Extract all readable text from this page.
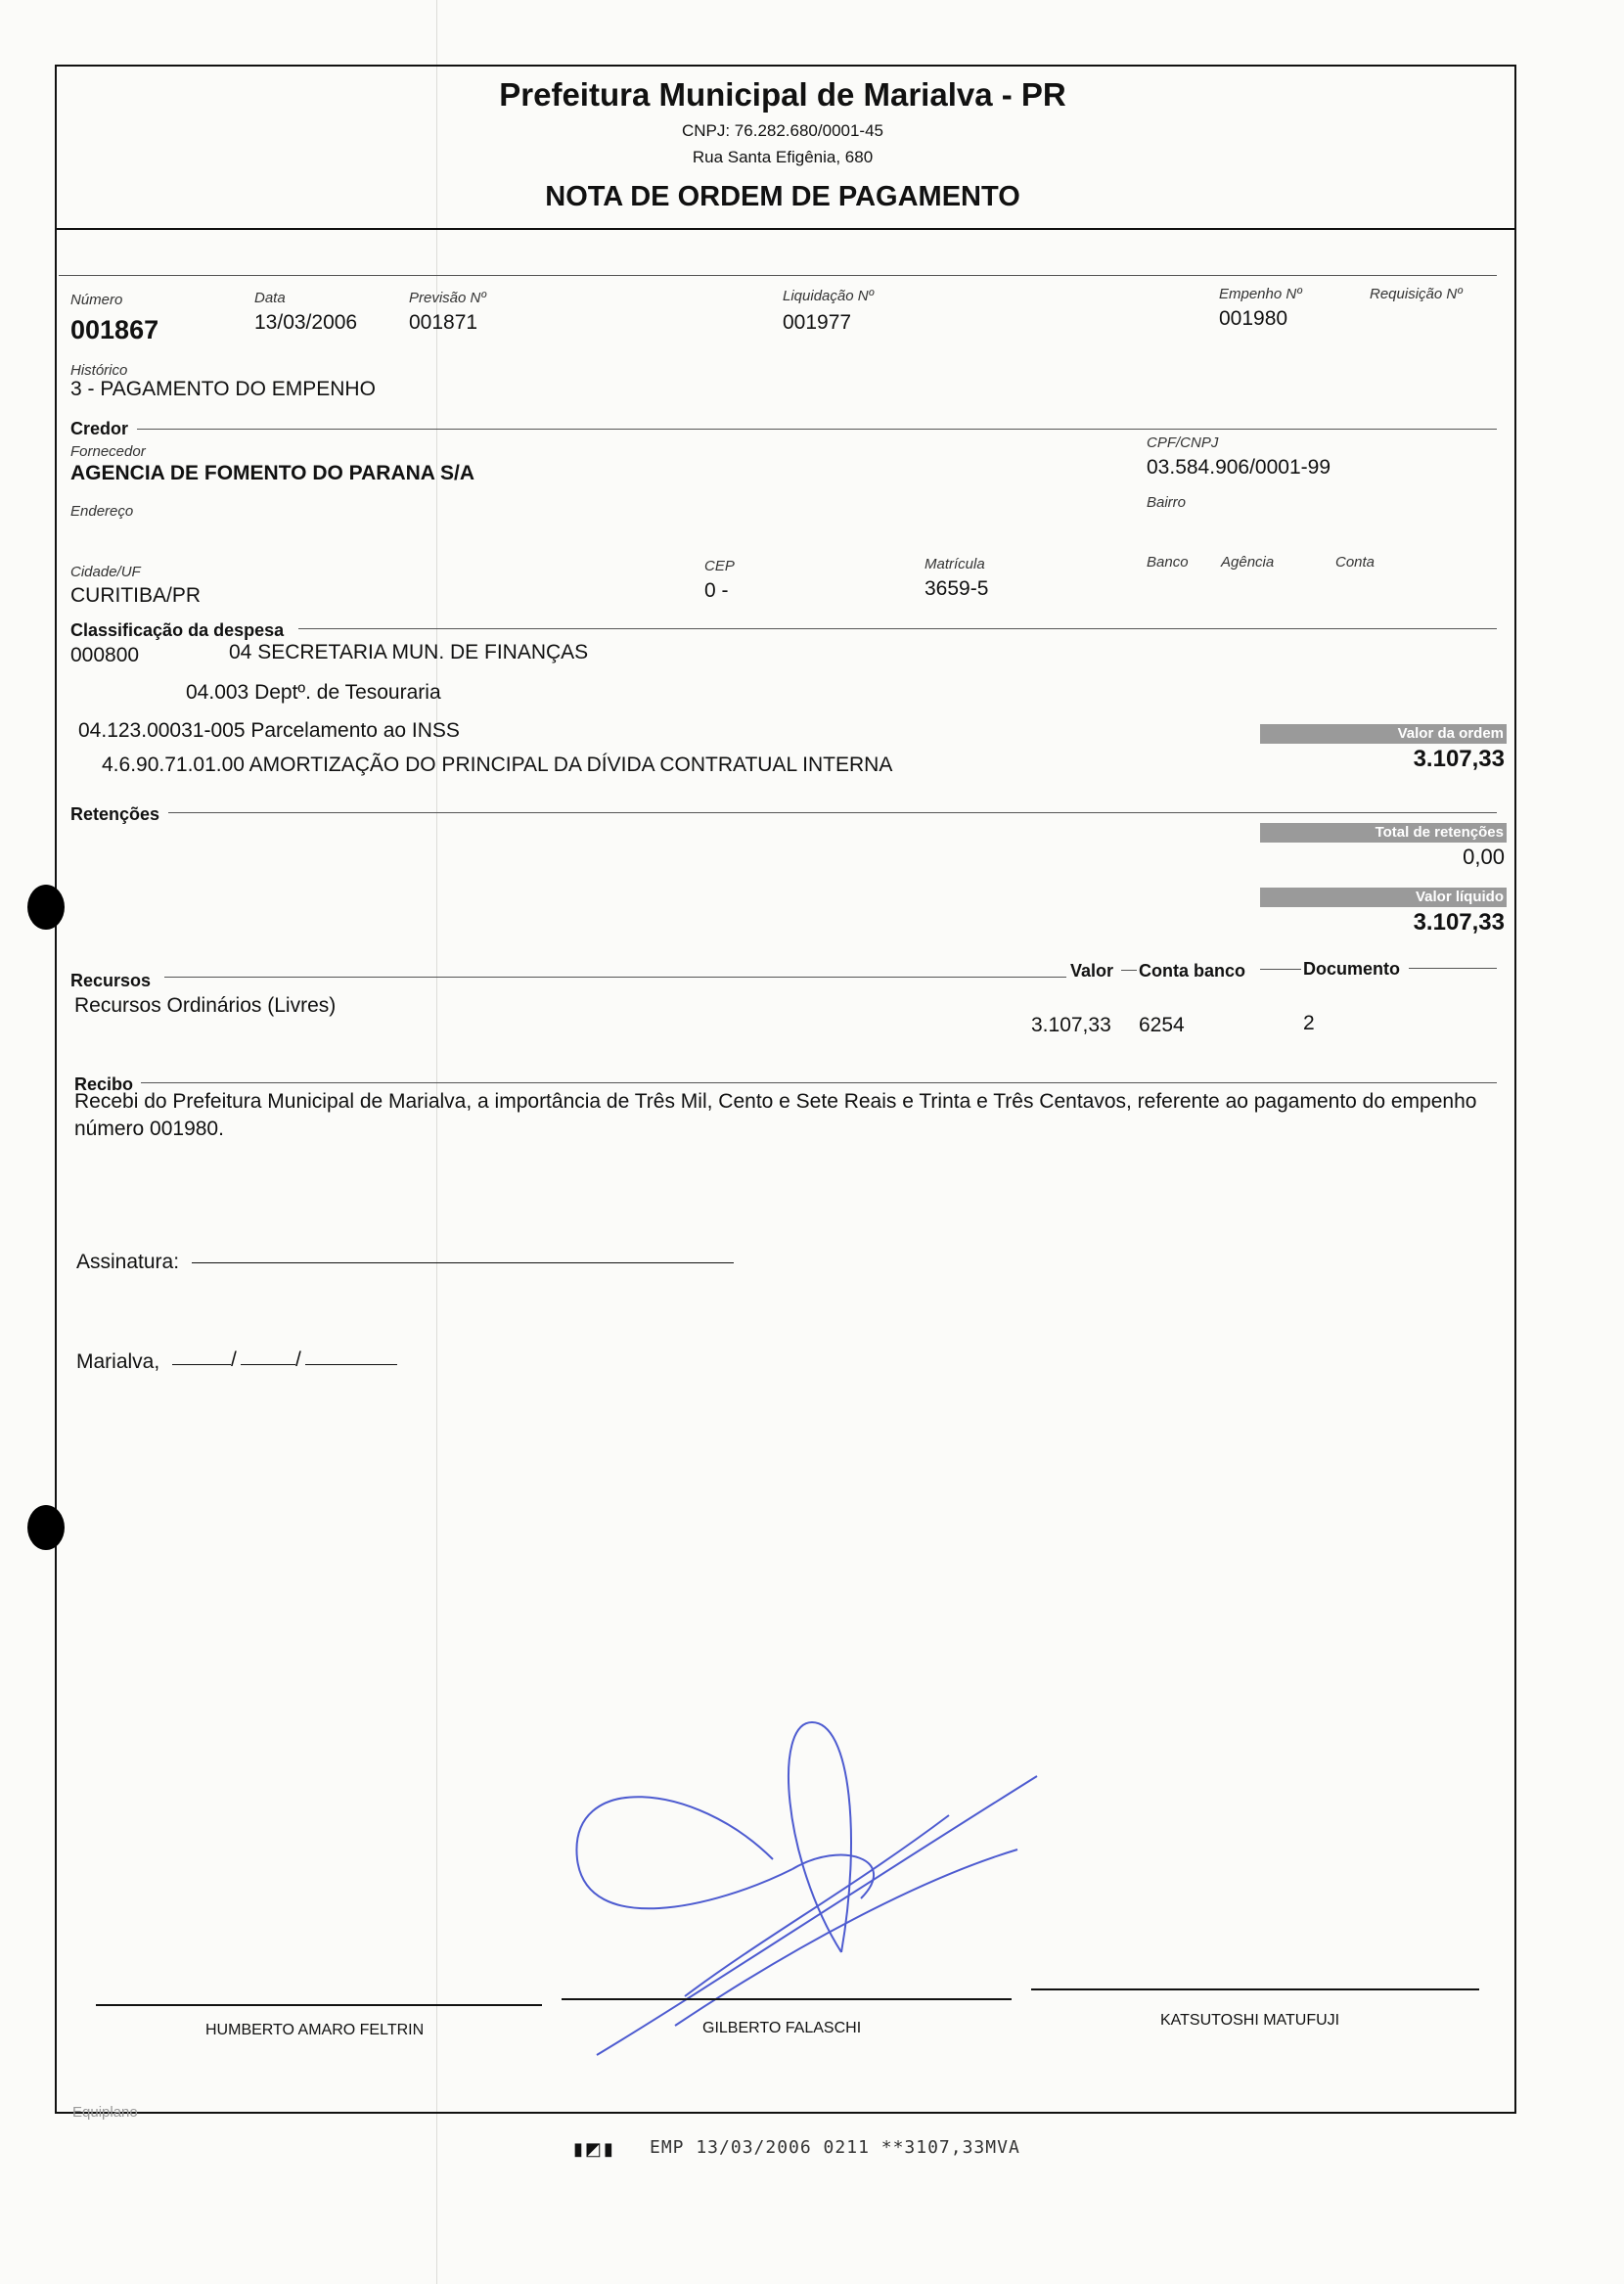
Prefeitura Municipal de Marialva - PR
CNPJ: 76.282.680/0001-45
Rua Santa Efigênia, 680
NOTA DE ORDEM DE PAGAMENTO
Número
001867
Data
13/03/2006
Previsão Nº
001871
Liquidação Nº
001977
Empenho Nº
001980
Requisição Nº
Histórico
3 - PAGAMENTO DO EMPENHO
Credor
Fornecedor
AGENCIA DE FOMENTO DO PARANA S/A
CPF/CNPJ
03.584.906/0001-99
Endereço
Bairro
Cidade/UF
CURITIBA/PR
CEP
0 -
Matrícula
3659-5
Banco Agência	Conta
Classificação da despesa
000800	04 SECRETARIA MUN. DE FINANÇAS
04.003 Deptº. de Tesouraria
04.123.00031-005 Parcelamento ao INSS
4.6.90.71.01.00 AMORTIZAÇÃO DO PRINCIPAL DA DÍVIDA CONTRATUAL INTERNA
Valor da ordem
3.107,33
Retenções
Total de retenções
0,00
Valor líquido
3.107,33
Recursos	Valor Conta banco	Documento
Recursos Ordinários (Livres)
3.107,33 6254	2
Recibo
Recebi do Prefeitura Municipal de Marialva, a importância de Três Mil, Cento e Sete Reais e Trinta e Três Centavos, referente ao pagamento do empenho número 001980.
Assinatura:
Marialva,	/	/
HUMBERTO AMARO FELTRIN	GILBERTO FALASCHI	KATSUTOSHI MATUFUJI
Equiplano
▮◩▮ EMP 13/03/2006 0211 **3107,33MVA
